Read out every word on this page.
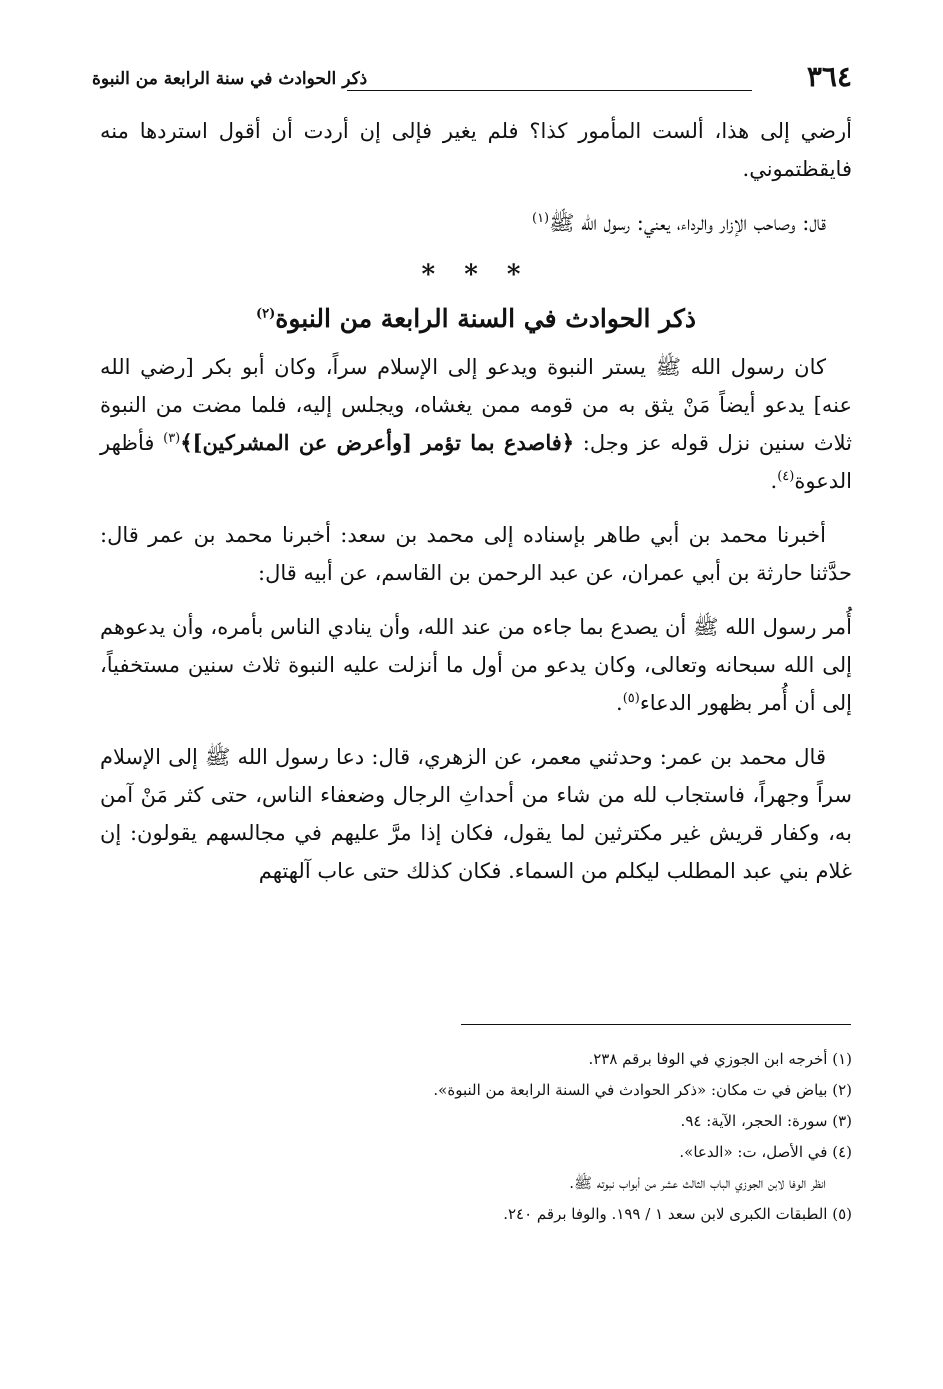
٣٦٤
ذكر الحوادث في سنة الرابعة من النبوة

أرضي إلى هذا، ألست المأمور كذا؟ فلم يغير فإلى إن أردت أن أقول استردها منه فايقظتموني.

قال: وصاحب الإزار والرداء، يعني: رسول الله ﷺ$^{(١)}$

* * *
ذكر الحوادث في السنة الرابعة من النبوة$^{(٢)}$

كان رسول الله ﷺ يستر النبوة ويدعو إلى الإسلام سراً، وكان أبو بكر [رضي الله عنه] يدعو أيضاً مَنْ يثق به من قومه ممن يغشاه، ويجلس إليه، فلما مضت من النبوة ثلاث سنين نزل قوله عز وجل: ﴿فاصدع بما تؤمر [وأعرض عن المشركين]﴾$^{(٣)}$ فأظهر الدعوة$^{(٤)}$.

أخبرنا محمد بن أبي طاهر بإسناده إلى محمد بن سعد: أخبرنا محمد بن عمر قال: حدَّثنا حارثة بن أبي عمران، عن عبد الرحمن بن القاسم، عن أبيه قال:

أُمر رسول الله ﷺ أن يصدع بما جاءه من عند الله، وأن ينادي الناس بأمره، وأن يدعوهم إلى الله سبحانه وتعالى، وكان يدعو من أول ما أنزلت عليه النبوة ثلاث سنين مستخفياً، إلى أن أُمر بظهور الدعاء$^{(٥)}$.

قال محمد بن عمر: وحدثني معمر، عن الزهري، قال: دعا رسول الله ﷺ إلى الإسلام سراً وجهراً، فاستجاب لله من شاء من أحداثِ الرجال وضعفاء الناس، حتى كثر مَنْ آمن به، وكفار قريش غير مكترثين لما يقول، فكان إذا مرَّ عليهم في مجالسهم يقولون: إن غلام بني عبد المطلب ليكلم من السماء. فكان كذلك حتى عاب آلهتهم

(١) أخرجه ابن الجوزي في الوفا برقم ٢٣٨.
(٢) بياض في ت مكان: «ذكر الحوادث في السنة الرابعة من النبوة».
(٣) سورة: الحجر، الآية: ٩٤.
(٤) في الأصل، ت: «الدعا».
انظر الوفا لابن الجوزي الباب الثالث عشر من أبواب نبوته ﷺ.
(٥) الطبقات الكبرى لابن سعد ١ / ١٩٩. والوفا برقم ٢٤٠.
